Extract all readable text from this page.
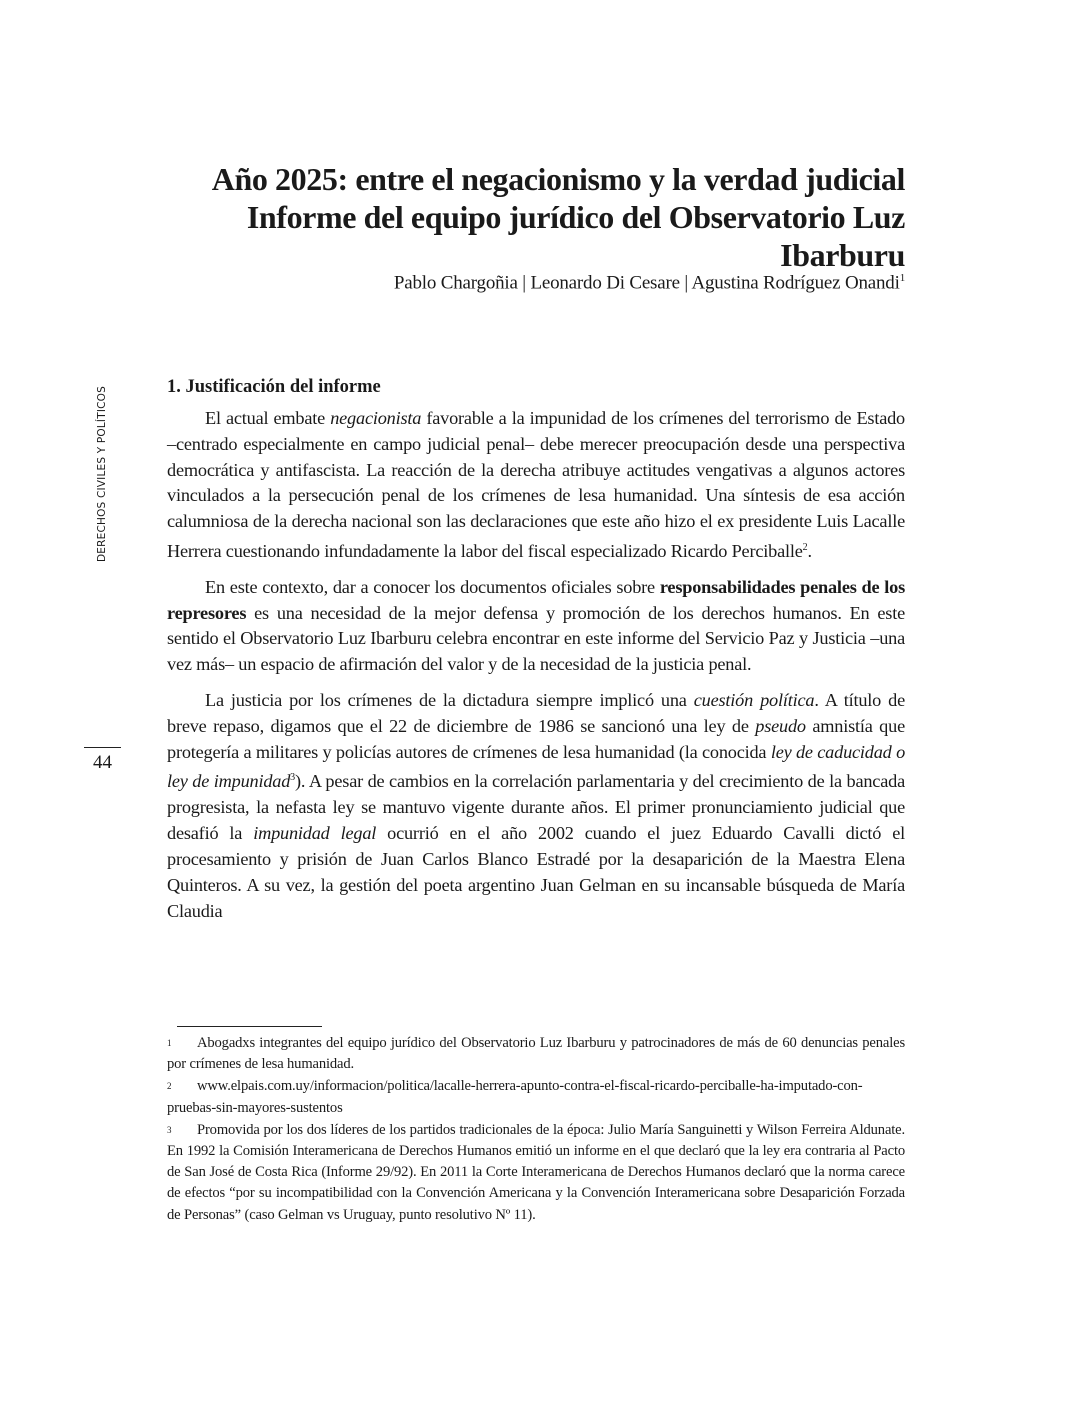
Año 2025: entre el negacionismo y la verdad judicial
Informe del equipo jurídico del Observatorio Luz Ibarburu
Pablo Chargoñia | Leonardo Di Cesare | Agustina Rodríguez Onandi$^1$
DERECHOS CIVILES Y POLÍTICOS
44
1. Justificación del informe

El actual embate negacionista favorable a la impunidad de los crímenes del terrorismo de Estado –centrado especialmente en campo judicial penal– debe merecer preocupación desde una perspectiva democrática y antifascista. La reacción de la derecha atribuye actitudes vengativas a algunos actores vinculados a la persecución penal de los crímenes de lesa humanidad. Una síntesis de esa acción calumniosa de la derecha nacional son las declaraciones que este año hizo el ex presidente Luis Lacalle Herrera cuestionando infundadamente la labor del fiscal especializado Ricardo Perciballe$^2$.

En este contexto, dar a conocer los documentos oficiales sobre responsabilidades penales de los represores es una necesidad de la mejor defensa y promoción de los derechos humanos. En este sentido el Observatorio Luz Ibarburu celebra encontrar en este informe del Servicio Paz y Justicia –una vez más– un espacio de afirmación del valor y de la necesidad de la justicia penal.

La justicia por los crímenes de la dictadura siempre implicó una cuestión política. A título de breve repaso, digamos que el 22 de diciembre de 1986 se sancionó una ley de pseudo amnistía que protegería a militares y policías autores de crímenes de lesa humanidad (la conocida ley de caducidad o ley de impunidad$^3$). A pesar de cambios en la correlación parlamentaria y del crecimiento de la bancada progresista, la nefasta ley se mantuvo vigente durante años. El primer pronunciamiento judicial que desafió la impunidad legal ocurrió en el año 2002 cuando el juez Eduardo Cavalli dictó el procesamiento y prisión de Juan Carlos Blanco Estradé por la desaparición de la Maestra Elena Quinteros. A su vez, la gestión del poeta argentino Juan Gelman en su incansable búsqueda de María Claudia

1 Abogadxs integrantes del equipo jurídico del Observatorio Luz Ibarburu y patrocinadores de más de 60 denuncias penales por crímenes de lesa humanidad.
2 www.elpais.com.uy/informacion/politica/lacalle-herrera-apunto-contra-el-fiscal-ricardo-perciballe-ha-imputado-con-pruebas-sin-mayores-sustentos
3 Promovida por los dos líderes de los partidos tradicionales de la época: Julio María Sanguinetti y Wilson Ferreira Aldunate. En 1992 la Comisión Interamericana de Derechos Humanos emitió un informe en el que declaró que la ley era contraria al Pacto de San José de Costa Rica (Informe 29/92). En 2011 la Corte Interamericana de Derechos Humanos declaró que la norma carece de efectos “por su incompatibilidad con la Convención Americana y la Convención Interamericana sobre Desaparición Forzada de Personas” (caso Gelman vs Uruguay, punto resolutivo Nº 11).
